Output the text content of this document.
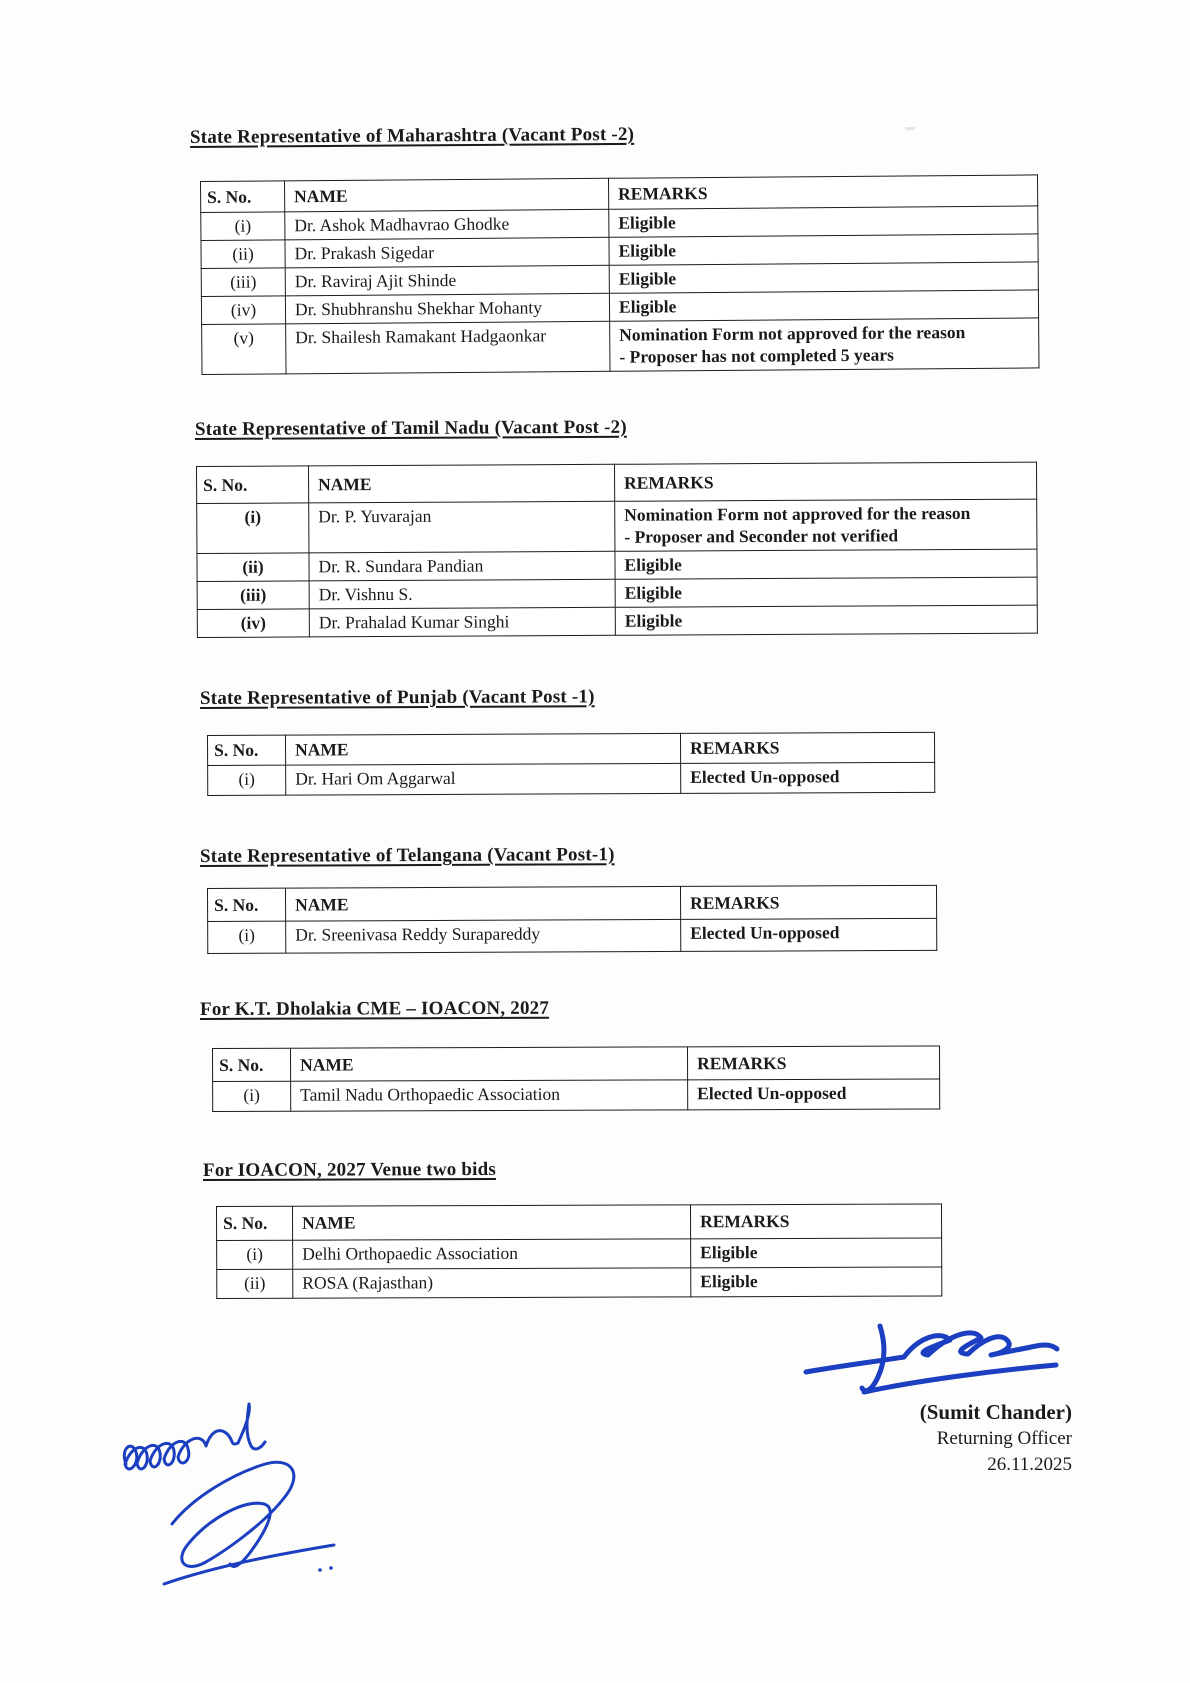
State Representative of Maharashtra (Vacant Post -2)
S. No.	NAME	REMARKS
(i)	Dr. Ashok Madhavrao Ghodke	Eligible
(ii)	Dr. Prakash Sigedar	Eligible
(iii)	Dr. Raviraj Ajit Shinde	Eligible
(iv)	Dr. Shubhranshu Shekhar Mohanty	Eligible
(v)	Dr. Shailesh Ramakant Hadgaonkar	Nomination Form not approved for the reason
- Proposer has not completed 5 years
State Representative of Tamil Nadu (Vacant Post -2)
S. No.	NAME	REMARKS
(i)	Dr. P. Yuvarajan	Nomination Form not approved for the reason
- Proposer and Seconder not verified
(ii)	Dr. R. Sundara Pandian	Eligible
(iii)	Dr. Vishnu S.	Eligible
(iv)	Dr. Prahalad Kumar Singhi	Eligible
State Representative of Punjab (Vacant Post -1)
S. No.	NAME	REMARKS
(i)	Dr. Hari Om Aggarwal	Elected Un-opposed
State Representative of Telangana (Vacant Post-1)
S. No.	NAME	REMARKS
(i)	Dr. Sreenivasa Reddy Surapareddy	Elected Un-opposed
For K.T. Dholakia CME – IOACON, 2027
S. No.	NAME	REMARKS
(i)	Tamil Nadu Orthopaedic Association	Elected Un-opposed
For IOACON, 2027 Venue two bids
S. No.	NAME	REMARKS
(i)	Delhi Orthopaedic Association	Eligible
(ii)	ROSA (Rajasthan)	Eligible

(Sumit Chander)

Returning Officer

26.11.2025
